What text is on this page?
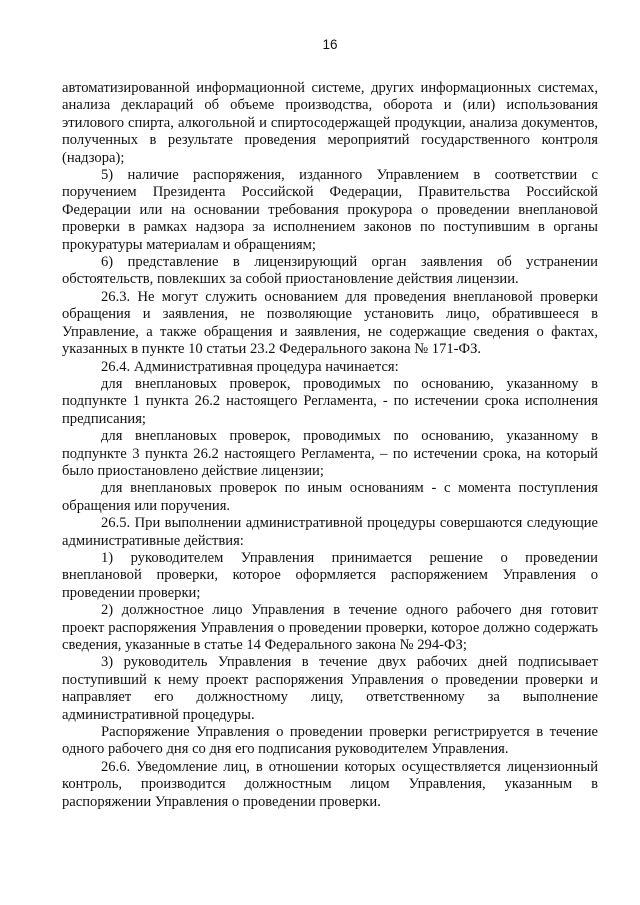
16

автоматизированной информационной системе, других информационных системах, анализа деклараций об объеме производства, оборота и (или) использования этилового спирта, алкогольной и спиртосодержащей продукции, анализа документов, полученных в результате проведения мероприятий государственного контроля (надзора);

5) наличие распоряжения, изданного Управлением в соответствии с поручением Президента Российской Федерации, Правительства Российской Федерации или на основании требования прокурора о проведении внеплановой проверки в рамках надзора за исполнением законов по поступившим в органы прокуратуры материалам и обращениям;

6) представление в лицензирующий орган заявления об устранении обстоятельств, повлекших за собой приостановление действия лицензии.

26.3. Не могут служить основанием для проведения внеплановой проверки обращения и заявления, не позволяющие установить лицо, обратившееся в Управление, а также обращения и заявления, не содержащие сведения о фактах, указанных в пункте 10 статьи 23.2 Федерального закона № 171-ФЗ.

26.4. Административная процедура начинается:

для внеплановых проверок, проводимых по основанию, указанному в подпункте 1 пункта 26.2 настоящего Регламента, - по истечении срока исполнения предписания;

для внеплановых проверок, проводимых по основанию, указанному в подпункте 3 пункта 26.2 настоящего Регламента, – по истечении срока, на который было приостановлено действие лицензии;

для внеплановых проверок по иным основаниям - с момента поступления обращения или поручения.

26.5. При выполнении административной процедуры совершаются следующие административные действия:

1) руководителем Управления принимается решение о проведении внеплановой проверки, которое оформляется распоряжением Управления о проведении проверки;

2) должностное лицо Управления в течение одного рабочего дня готовит проект распоряжения Управления о проведении проверки, которое должно содержать сведения, указанные в статье 14 Федерального закона № 294-ФЗ;

3) руководитель Управления в течение двух рабочих дней подписывает поступивший к нему проект распоряжения Управления о проведении проверки и направляет его должностному лицу, ответственному за выполнение административной процедуры.

Распоряжение Управления о проведении проверки регистрируется в течение одного рабочего дня со дня его подписания руководителем Управления.

26.6. Уведомление лиц, в отношении которых осуществляется лицензионный контроль, производится должностным лицом Управления, указанным в распоряжении Управления о проведении проверки.
